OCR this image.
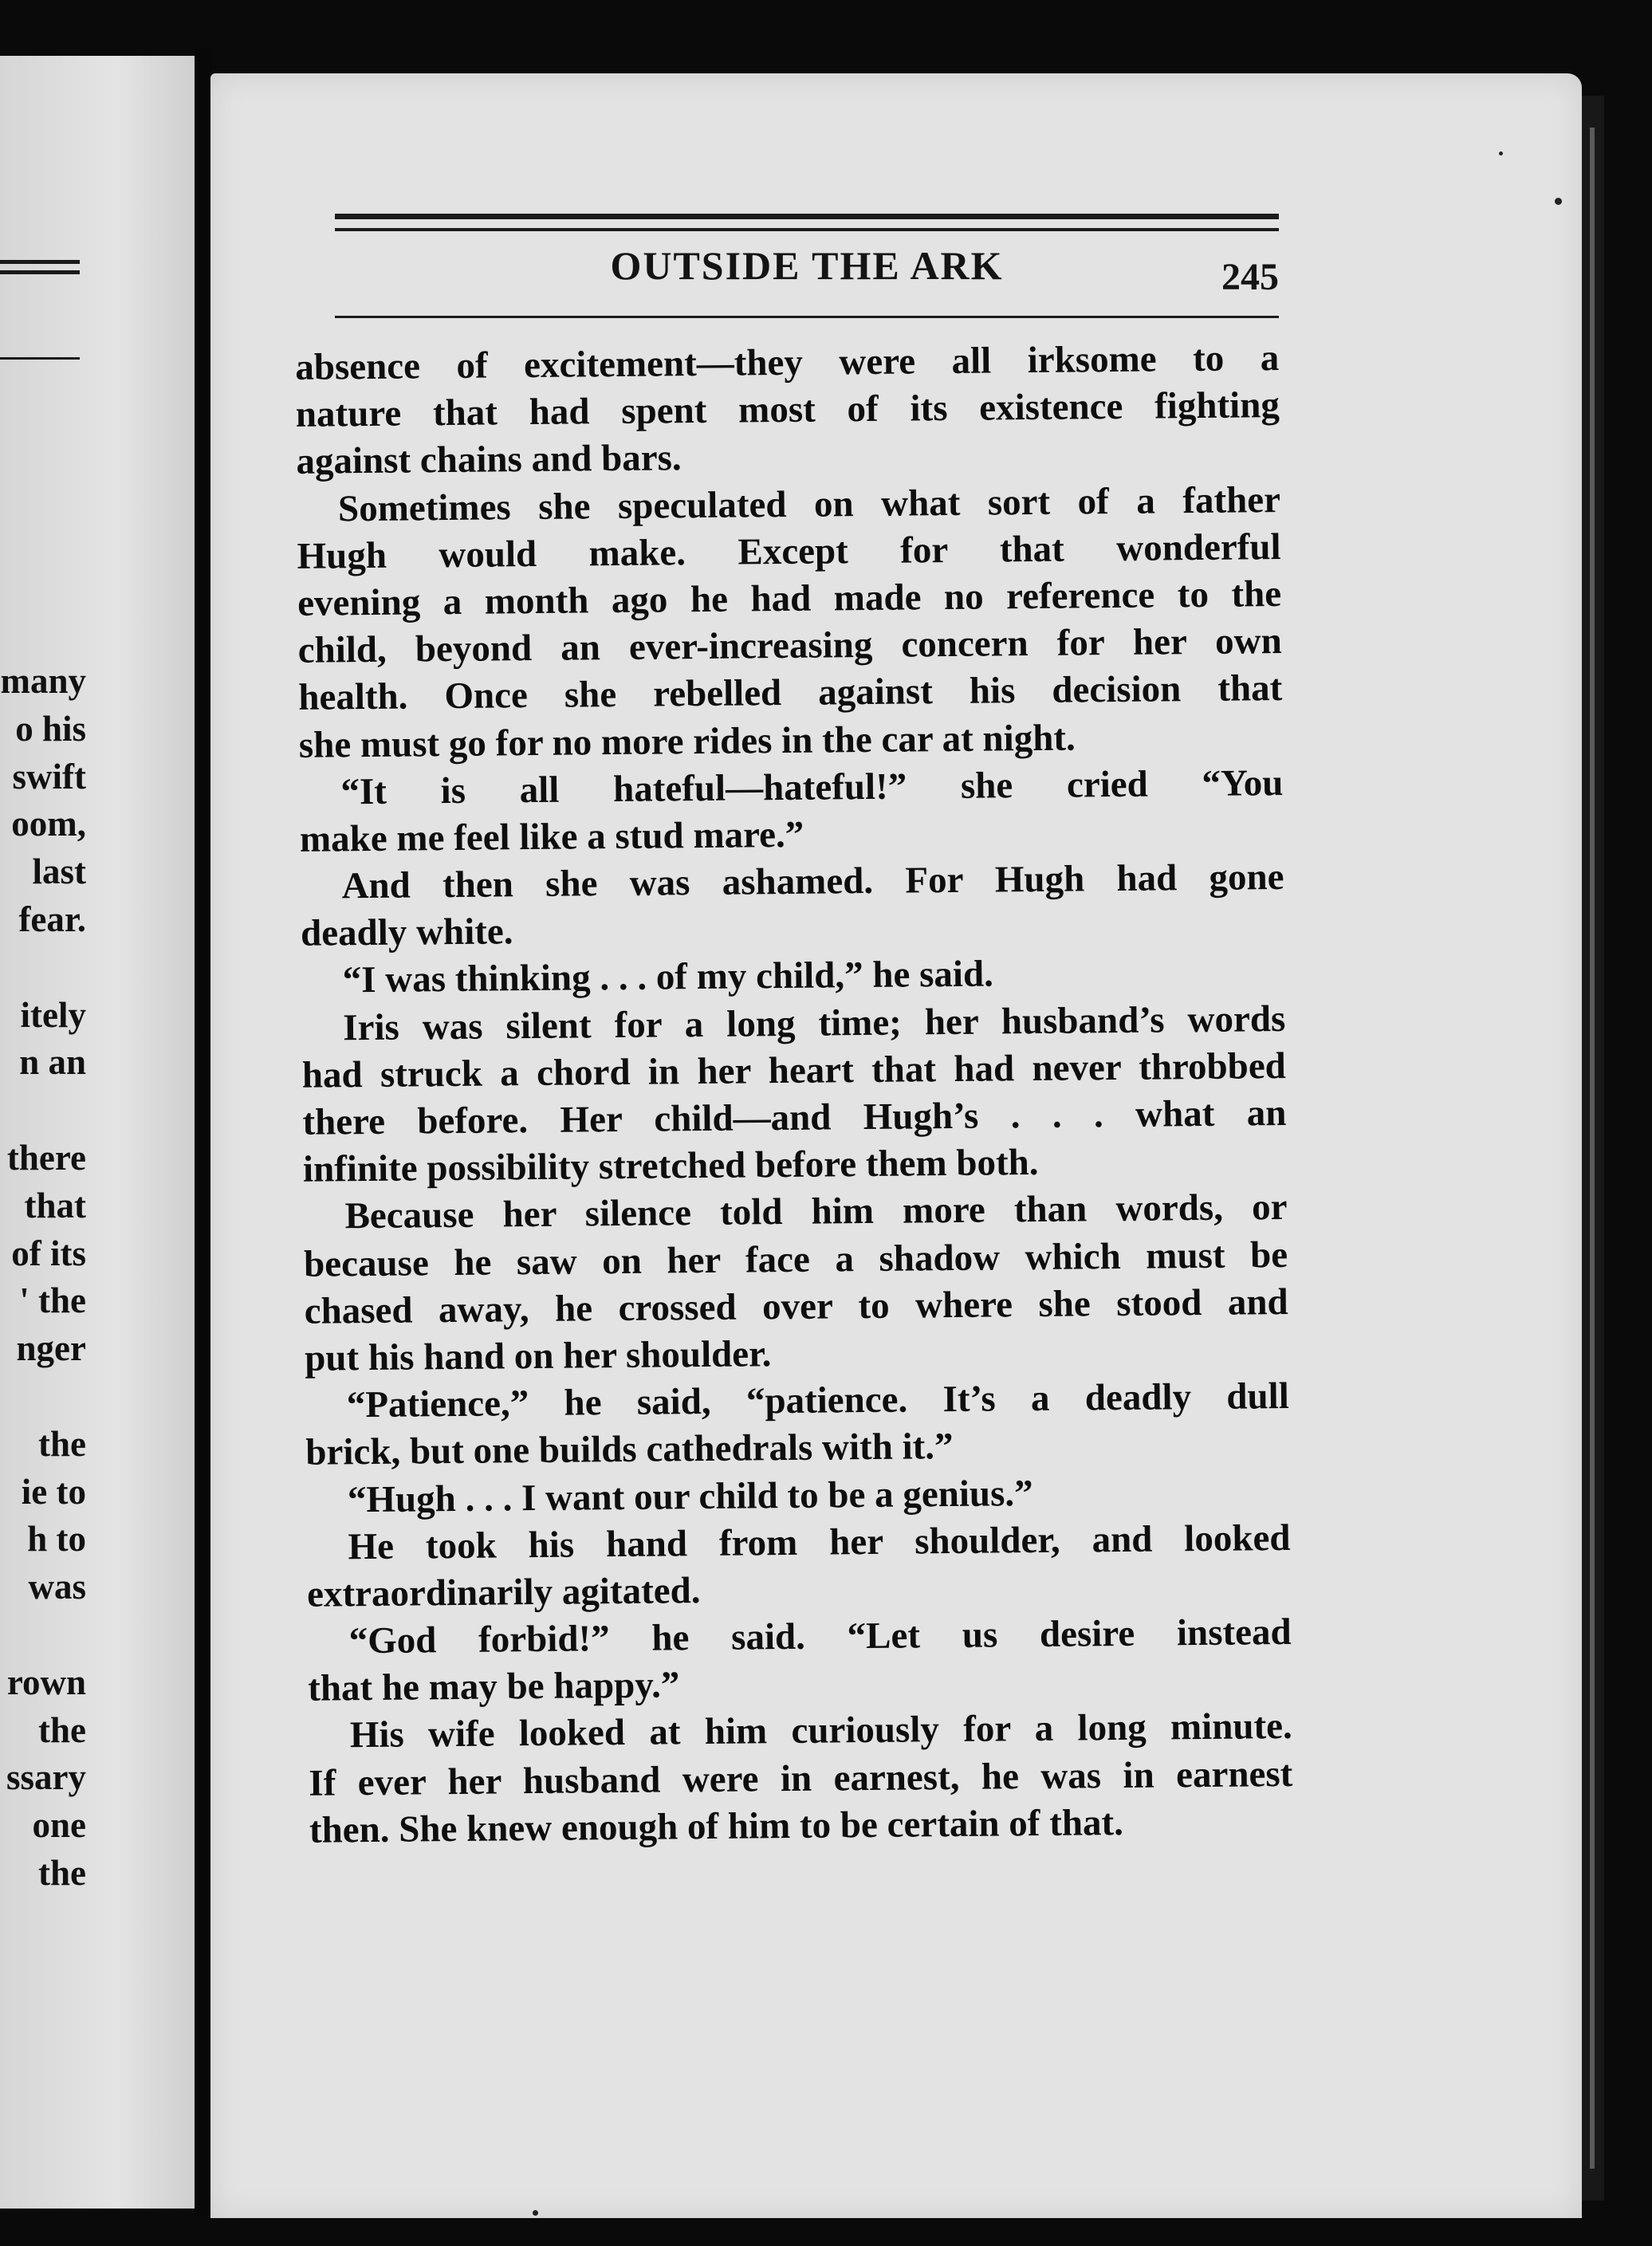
many
o his
swift
oom,
last
fear.
itely
n an
there
that
of its
' the
nger
the
ie to
h to
was
rown
the
ssary
one
the
OUTSIDE THE ARK	245
absence of excitement—they were all irksome to a
nature that had spent most of its existence fighting
against chains and bars.
Sometimes she speculated on what sort of a father
Hugh would make. Except for that wonderful
evening a month ago he had made no reference to the
child, beyond an ever-increasing concern for her own
health. Once she rebelled against his decision that
she must go for no more rides in the car at night.
“It is all hateful—hateful!” she cried “You
make me feel like a stud mare.”
And then she was ashamed. For Hugh had gone
deadly white.
“I was thinking . . . of my child,” he said.
Iris was silent for a long time; her husband’s words
had struck a chord in her heart that had never throbbed
there before. Her child—and Hugh’s . . . what an
infinite possibility stretched before them both.
Because her silence told him more than words, or
because he saw on her face a shadow which must be
chased away, he crossed over to where she stood and
put his hand on her shoulder.
“Patience,” he said, “patience. It’s a deadly dull
brick, but one builds cathedrals with it.”
“Hugh . . . I want our child to be a genius.”
He took his hand from her shoulder, and looked
extraordinarily agitated.
“God forbid!” he said. “Let us desire instead
that he may be happy.”
His wife looked at him curiously for a long minute.
If ever her husband were in earnest, he was in earnest
then. She knew enough of him to be certain of that.
